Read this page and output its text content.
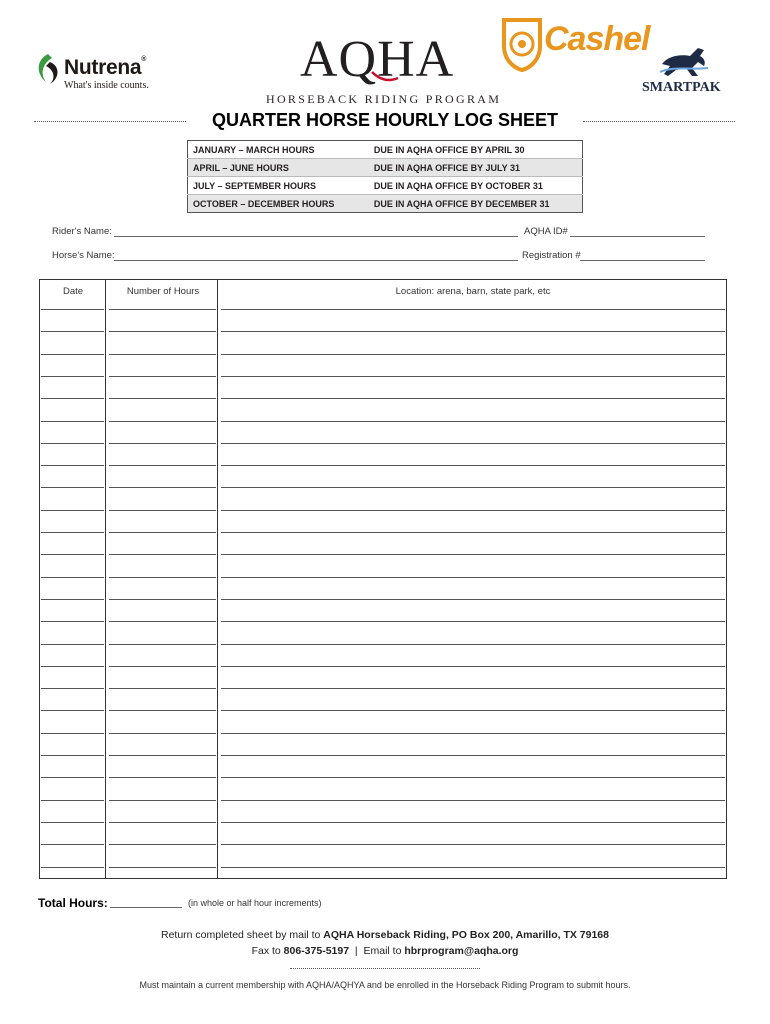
Nutrena®
What's inside counts.	AQHA
HORSEBACK RIDING PROGRAM
Cashel
SMARTPAK
QUARTER HORSE HOURLY LOG SHEET
JANUARY – MARCH HOURS	DUE IN AQHA OFFICE BY APRIL 30
APRIL – JUNE HOURS	DUE IN AQHA OFFICE BY JULY 31
JULY – SEPTEMBER HOURS	DUE IN AQHA OFFICE BY OCTOBER 31
OCTOBER – DECEMBER HOURS	DUE IN AQHA OFFICE BY DECEMBER 31
Rider's Name:	AQHA ID#
Horse's Name:	Registration #
Date	Number of Hours	Location: arena, barn, state park, etc
Total Hours:	(in whole or half hour increments)
Return completed sheet by mail to AQHA Horseback Riding, PO Box 200, Amarillo, TX 79168
Fax to 806-375-5197 | Email to hbrprogram@aqha.org
Must maintain a current membership with AQHA/AQHYA and be enrolled in the Horseback Riding Program to submit hours.
